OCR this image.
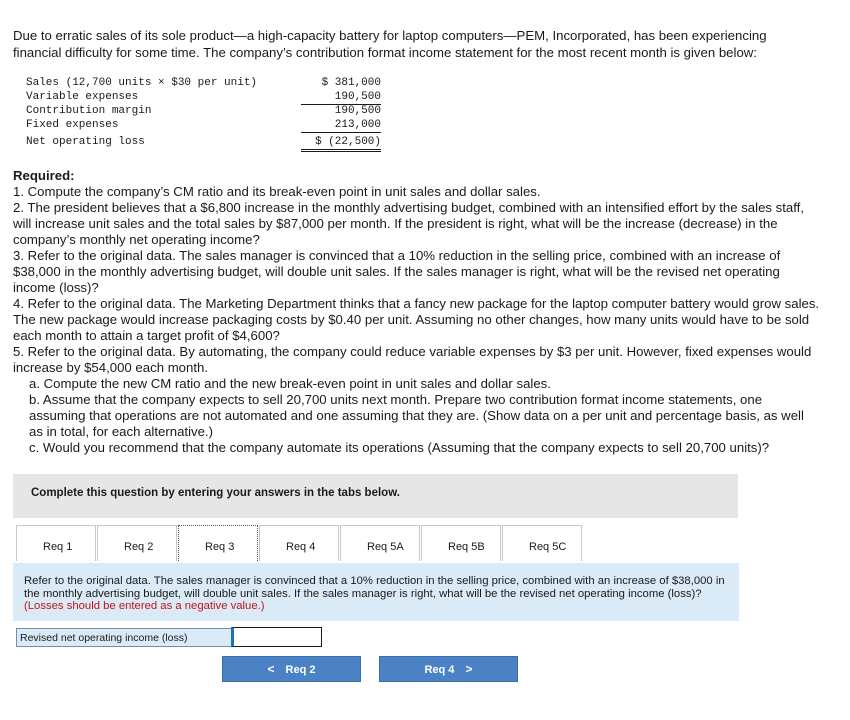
Due to erratic sales of its sole product—a high-capacity battery for laptop computers—PEM, Incorporated, has been experiencing financial difficulty for some time. The company’s contribution format income statement for the most recent month is given below:

Sales (12,700 units × $30 per unit)	$ 381,000
Variable expenses	190,500
Contribution margin	190,500
Fixed expenses	213,000
Net operating loss	$ (22,500)

Required:

1. Compute the company’s CM ratio and its break-even point in unit sales and dollar sales.

2. The president believes that a $6,800 increase in the monthly advertising budget, combined with an intensified effort by the sales staff, will increase unit sales and the total sales by $87,000 per month. If the president is right, what will be the increase (decrease) in the company’s monthly net operating income?

3. Refer to the original data. The sales manager is convinced that a 10% reduction in the selling price, combined with an increase of $38,000 in the monthly advertising budget, will double unit sales. If the sales manager is right, what will be the revised net operating income (loss)?

4. Refer to the original data. The Marketing Department thinks that a fancy new package for the laptop computer battery would grow sales. The new package would increase packaging costs by $0.40 per unit. Assuming no other changes, how many units would have to be sold each month to attain a target profit of $4,600?

5. Refer to the original data. By automating, the company could reduce variable expenses by $3 per unit. However, fixed expenses would increase by $54,000 each month.

a. Compute the new CM ratio and the new break-even point in unit sales and dollar sales.

b. Assume that the company expects to sell 20,700 units next month. Prepare two contribution format income statements, one assuming that operations are not automated and one assuming that they are. (Show data on a per unit and percentage basis, as well as in total, for each alternative.)

c. Would you recommend that the company automate its operations (Assuming that the company expects to sell 20,700 units)?

Complete this question by entering your answers in the tabs below.
Req 1	Req 2	Req 3	Req 4	Req 5A	Req 5B	Req 5C
Refer to the original data. The sales manager is convinced that a 10% reduction in the selling price, combined with an increase of $38,000 in the monthly advertising budget, will double unit sales. If the sales manager is right, what will be the revised net operating income (loss)? (Losses should be entered as a negative value.)
Revised net operating income (loss)
< Req 2	Req 4 >
